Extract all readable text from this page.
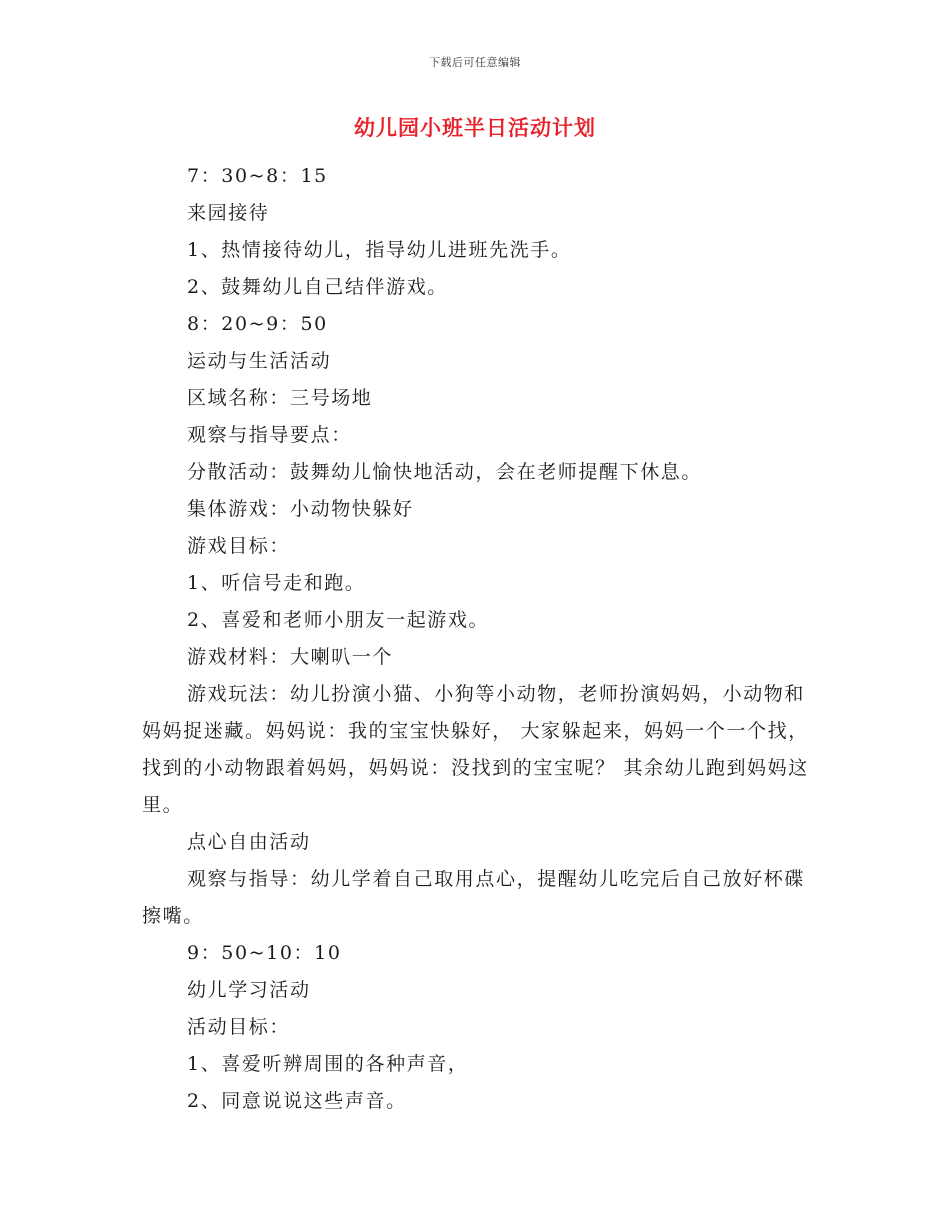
下载后可任意编辑
幼儿园小班半日活动计划
7：30~8：15
来园接待
1、热情接待幼儿，指导幼儿进班先洗手。
2、鼓舞幼儿自己结伴游戏。
8：20~9：50
运动与生活活动
区域名称：三号场地
观察与指导要点：
分散活动：鼓舞幼儿愉快地活动，会在老师提醒下休息。
集体游戏：小动物快躲好
游戏目标：
1、听信号走和跑。
2、喜爱和老师小朋友一起游戏。
游戏材料：大喇叭一个
游戏玩法：幼儿扮演小猫、小狗等小动物，老师扮演妈妈，小动物和妈妈捉迷藏。妈妈说：我的宝宝快躲好， 大家躲起来，妈妈一个一个找，找到的小动物跟着妈妈，妈妈说：没找到的宝宝呢？ 其余幼儿跑到妈妈这里。
点心自由活动
观察与指导：幼儿学着自己取用点心，提醒幼儿吃完后自己放好杯碟擦嘴。
9：50~10：10
幼儿学习活动
活动目标：
1、喜爱听辨周围的各种声音，
2、同意说说这些声音。
